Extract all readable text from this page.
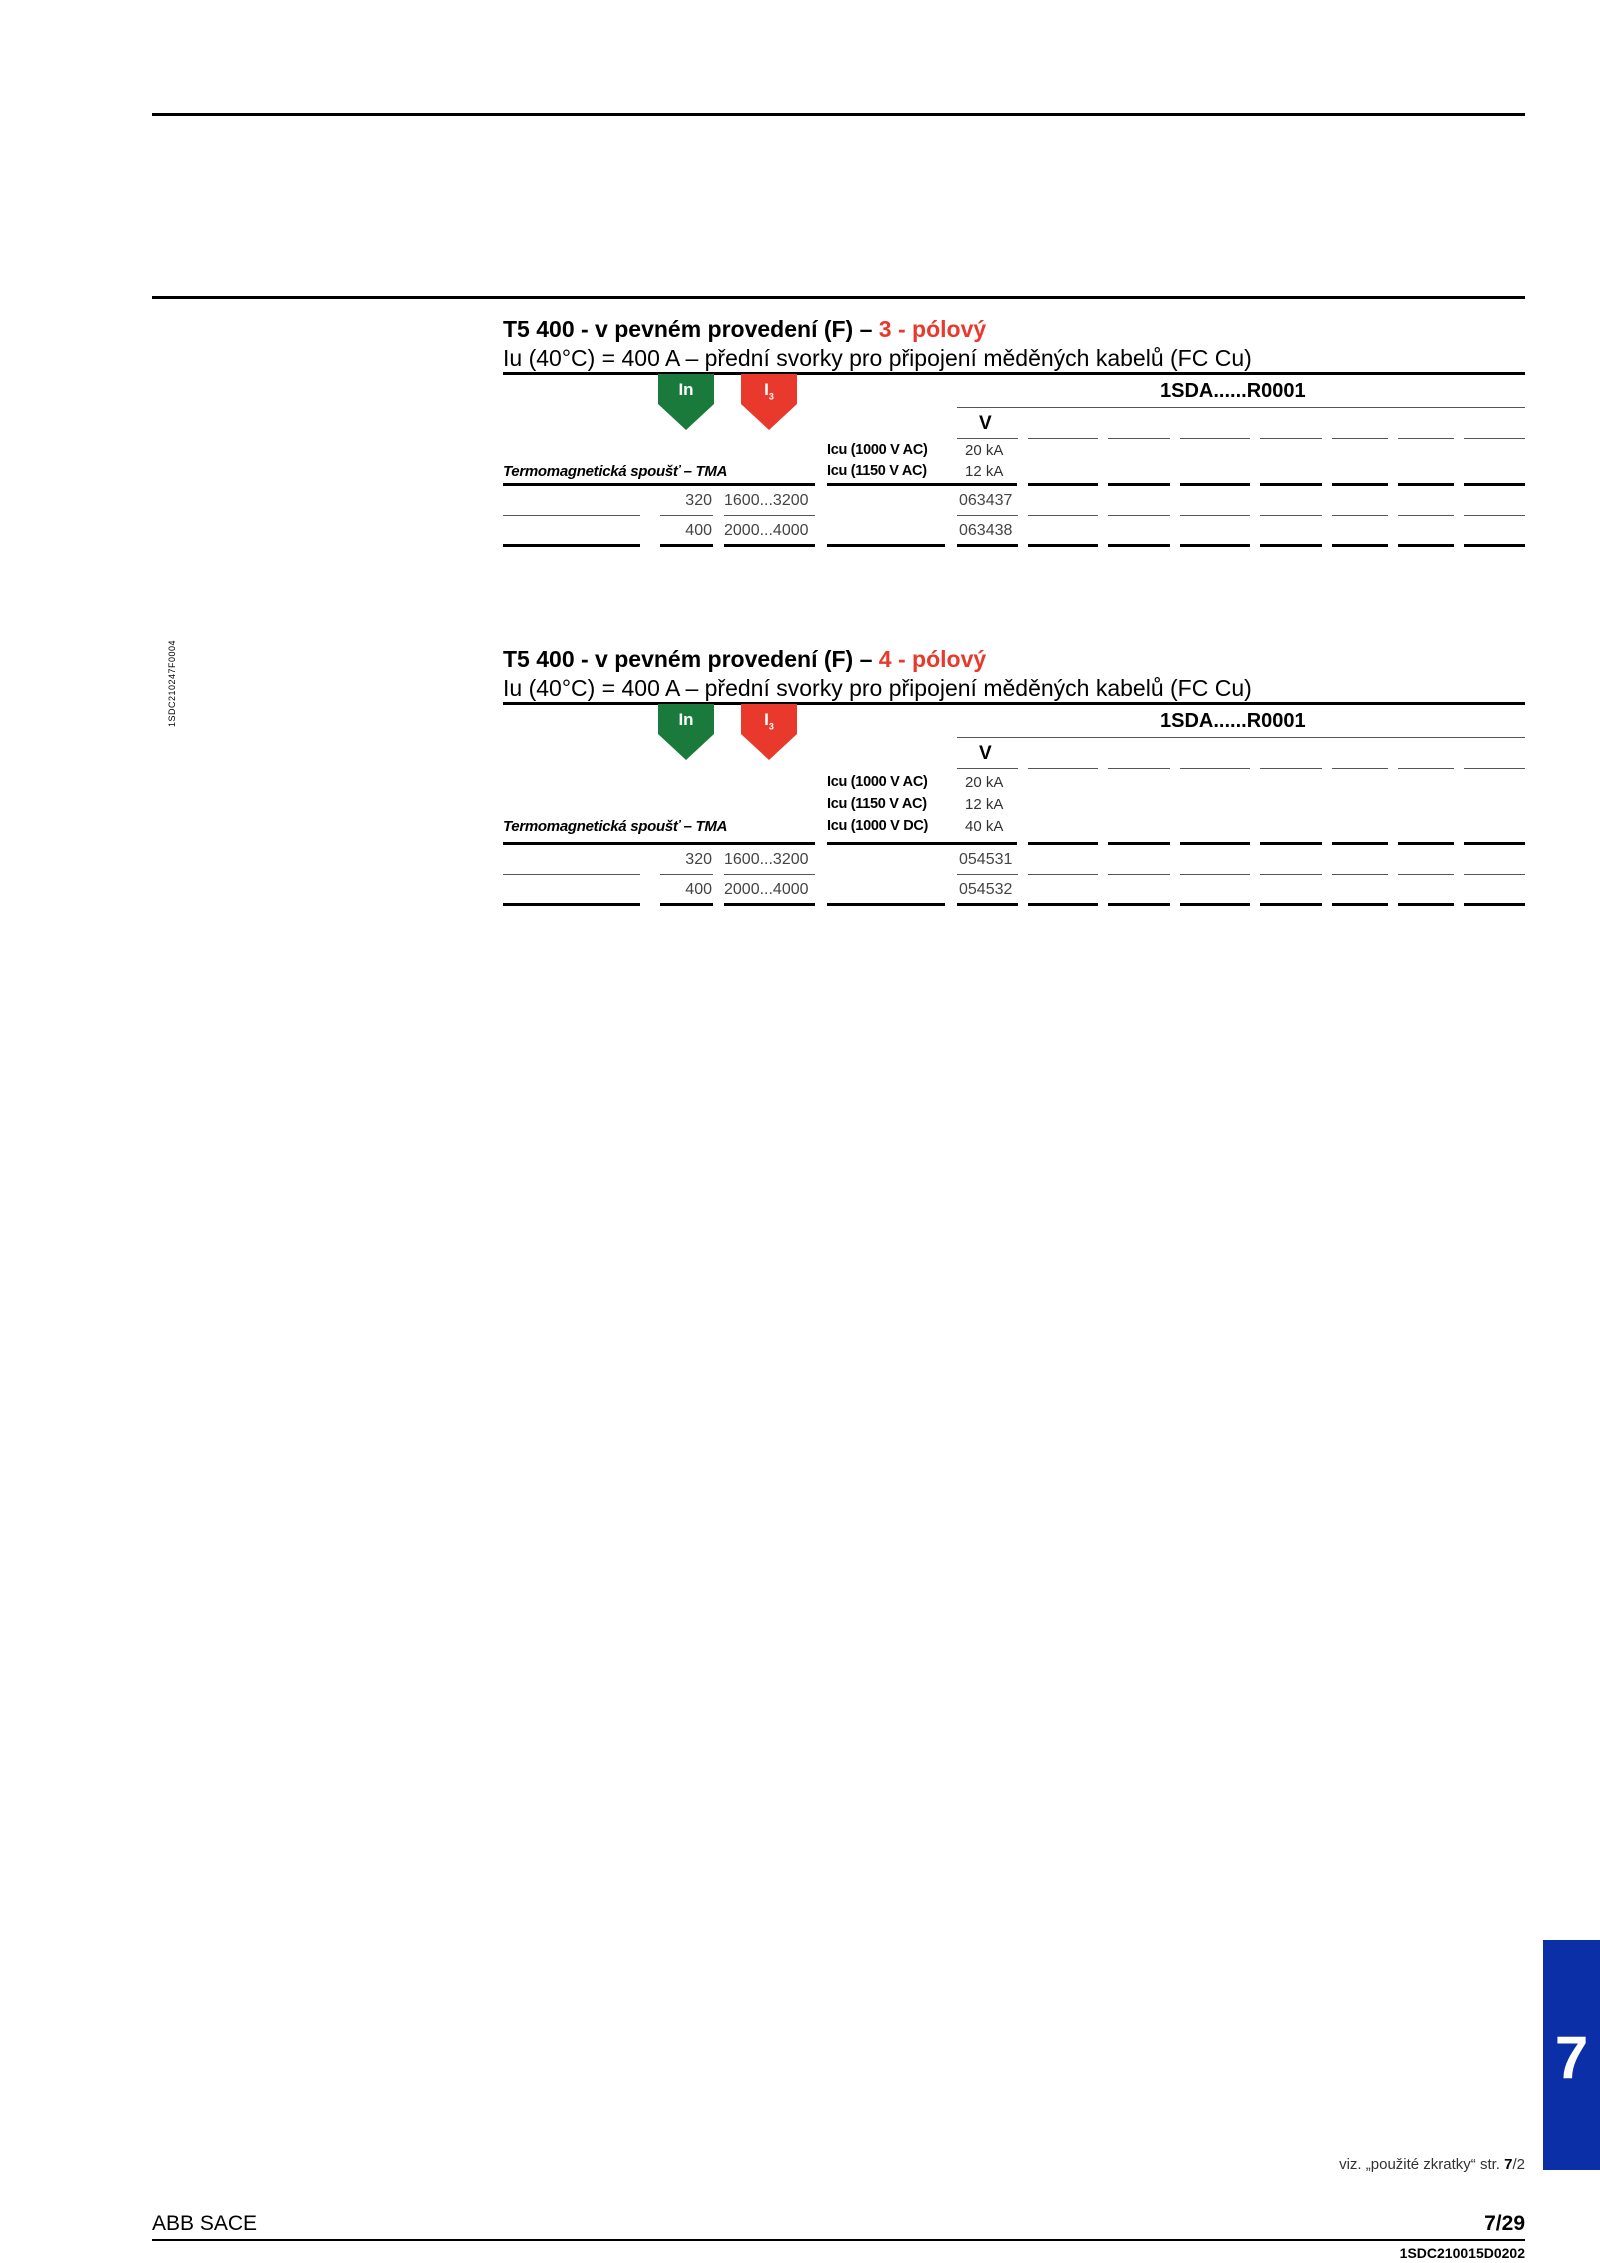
1SDC210247F0004
T5 400 - v pevném provedení (F) – 3 - pólový
Iu (40°C) = 400 A – přední svorky pro připojení měděných kabelů (FC Cu)
In	$I_3$	1SDA......R0001
V
Icu (1000 V AC)
Icu (1150 V AC)
20 kA
12 kA
Termomagnetická spoušť – TMA
320 1600...3200	063437
400 2000...4000	063438
T5 400 - v pevném provedení (F) – 4 - pólový
Iu (40°C) = 400 A – přední svorky pro připojení měděných kabelů (FC Cu)
In	$I_3$	1SDA......R0001
V
Icu (1000 V AC)
Icu (1150 V AC)
Icu (1000 V DC)
20 kA
12 kA
40 kA
Termomagnetická spoušť – TMA
320 1600...3200	054531
400 2000...4000	054532
7
viz. „použité zkratky“ str. 7/2
ABB SACE	7/29
1SDC210015D0202
